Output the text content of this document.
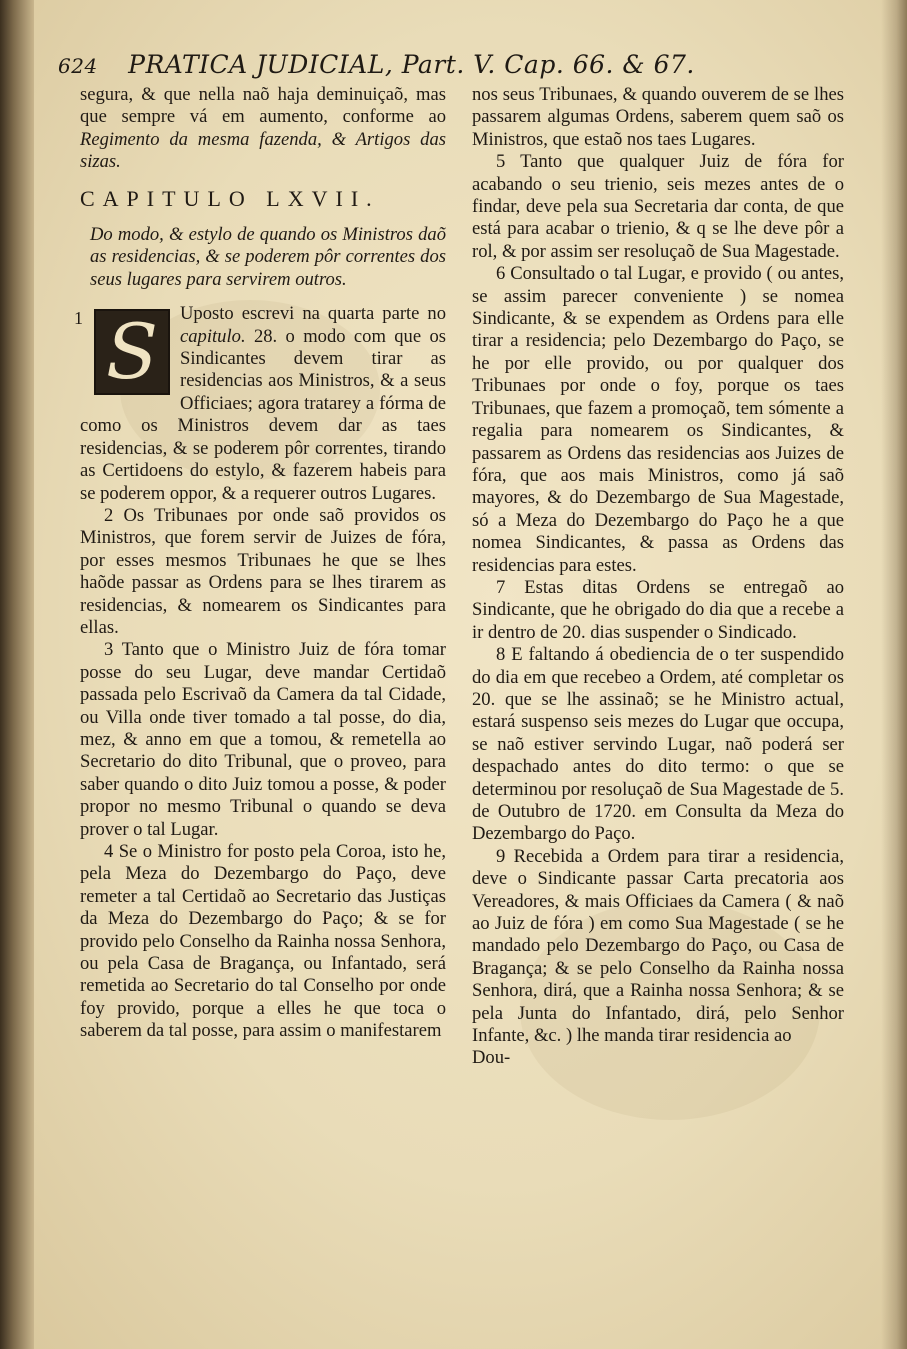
624 PRATICA JUDICIAL, Part. V. Cap. 66. & 67.

segura, & que nella naõ haja deminuiçaõ, mas que sempre vá em aumento, conforme ao Regimento da mesma fazenda, & Artigos das sizas.

CAPITULO LXVII.

Do modo, & estylo de quando os Ministros daõ as residencias, & se poderem pôr correntes dos seus lugares para servirem outros.

1 S	Uposto escrevi na quarta parte no capitulo. 28. o modo com que os Sindicantes devem tirar as residencias aos Ministros, & a seus Officiaes; agora tratarey a fórma de como os Ministros devem dar as taes residencias, & se poderem pôr correntes, tirando as Certidoens do estylo, & fazerem habeis para se poderem oppor, & a requerer outros Lugares.

2 Os Tribunaes por onde saõ providos os Ministros, que forem servir de Juizes de fóra, por esses mesmos Tribunaes he que se lhes haõde passar as Ordens para se lhes tirarem as residencias, & nomearem os Sindicantes para ellas.

3 Tanto que o Ministro Juiz de fóra tomar posse do seu Lugar, deve mandar Certidaõ passada pelo Escrivaõ da Camera da tal Cidade, ou Villa onde tiver tomado a tal posse, do dia, mez, & anno em que a tomou, & remetella ao Secretario do dito Tribunal, que o proveo, para saber quando o dito Juiz tomou a posse, & poder propor no mesmo Tribunal o quando se deva prover o tal Lugar.

4 Se o Ministro for posto pela Coroa, isto he, pela Meza do Dezembargo do Paço, deve remeter a tal Certidaõ ao Secretario das Justiças da Meza do Dezembargo do Paço; & se for provido pelo Conselho da Rainha nossa Senhora, ou pela Casa de Bragança, ou Infantado, será remetida ao Secretario do tal Conselho por onde foy provido, porque a elles he que toca o saberem da tal posse, para assim o manifestarem

nos seus Tribunaes, & quando ouverem de se lhes passarem algumas Ordens, saberem quem saõ os Ministros, que estaõ nos taes Lugares.

5 Tanto que qualquer Juiz de fóra for acabando o seu trienio, seis mezes antes de o findar, deve pela sua Secretaria dar conta, de que está para acabar o trienio, & q se lhe deve pôr a rol, & por assim ser resoluçaõ de Sua Magestade.

6 Consultado o tal Lugar, e provido ( ou antes, se assim parecer conveniente ) se nomea Sindicante, & se expendem as Ordens para elle tirar a residencia; pelo Dezembargo do Paço, se he por elle provido, ou por qualquer dos Tribunaes por onde o foy, porque os taes Tribunaes, que fazem a promoçaõ, tem sómente a regalia para nomearem os Sindicantes, & passarem as Ordens das residencias aos Juizes de fóra, que aos mais Ministros, como já saõ mayores, & do Dezembargo de Sua Magestade, só a Meza do Dezembargo do Paço he a que nomea Sindicantes, & passa as Ordens das residencias para estes.

7 Estas ditas Ordens se entregaõ ao Sindicante, que he obrigado do dia que a recebe a ir dentro de 20. dias suspender o Sindicado.

8 E faltando á obediencia de o ter suspendido do dia em que recebeo a Ordem, até completar os 20. que se lhe assinaõ; se he Ministro actual, estará suspenso seis mezes do Lugar que occupa, se naõ estiver servindo Lugar, naõ poderá ser despachado antes do dito termo: o que se determinou por resoluçaõ de Sua Magestade de 5. de Outubro de 1720. em Consulta da Meza do Dezembargo do Paço.

9 Recebida a Ordem para tirar a residencia, deve o Sindicante passar Carta precatoria aos Vereadores, & mais Officiaes da Camera ( & naõ ao Juiz de fóra ) em como Sua Magestade ( se he mandado pelo Dezembargo do Paço, ou Casa de Bragança; & se pelo Conselho da Rainha nossa Senhora, dirá, que a Rainha nossa Senhora; & se pela Junta do Infantado, dirá, pelo Senhor Infante, &c. ) lhe manda tirar residencia ao

Dou-
